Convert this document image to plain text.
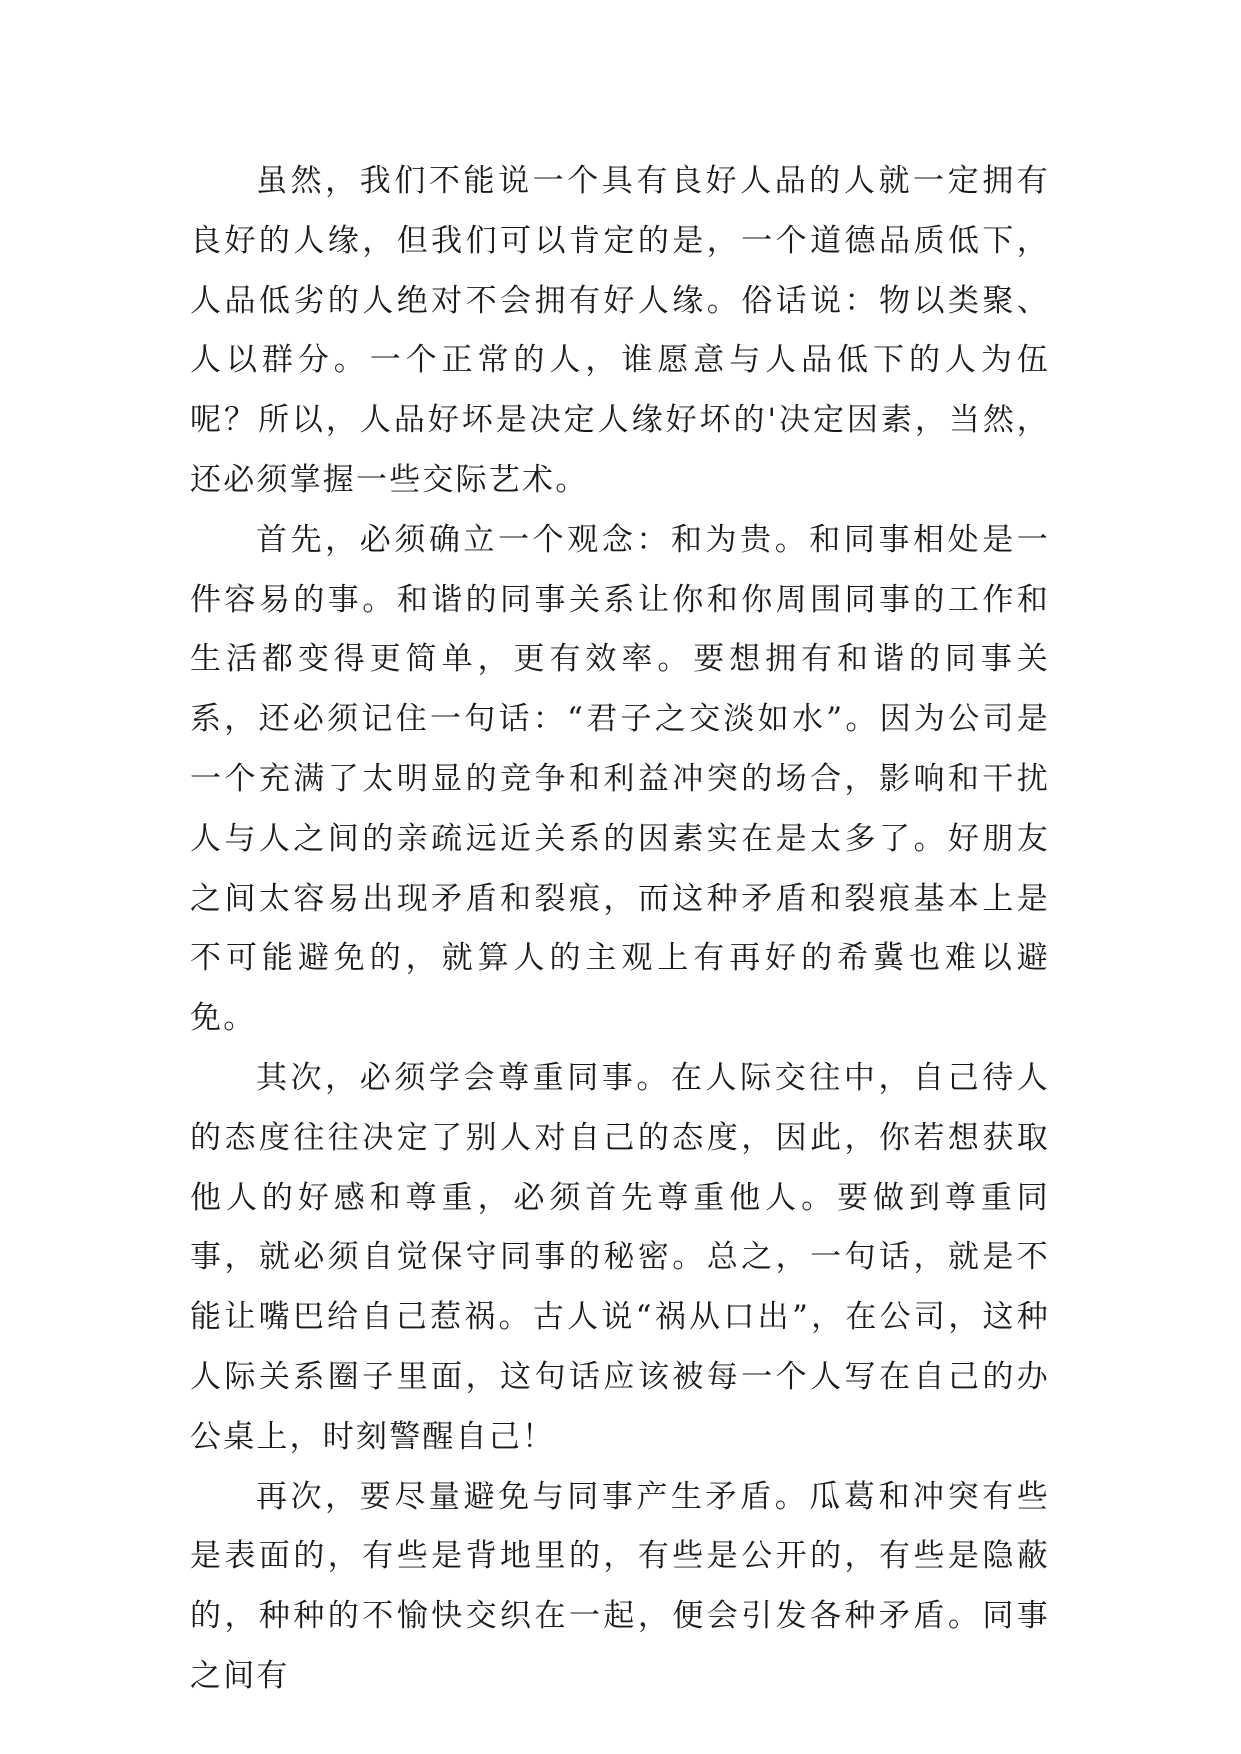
虽然，我们不能说一个具有良好人品的人就一定拥有良好的人缘，但我们可以肯定的是，一个道德品质低下，人品低劣的人绝对不会拥有好人缘。俗话说：物以类聚、人以群分。一个正常的人，谁愿意与人品低下的人为伍呢？所以，人品好坏是决定人缘好坏的'决定因素，当然，还必须掌握一些交际艺术。

首先，必须确立一个观念：和为贵。和同事相处是一件容易的事。和谐的同事关系让你和你周围同事的工作和生活都变得更简单，更有效率。要想拥有和谐的同事关系，还必须记住一句话：“君子之交淡如水”。因为公司是一个充满了太明显的竞争和利益冲突的场合，影响和干扰人与人之间的亲疏远近关系的因素实在是太多了。好朋友之间太容易出现矛盾和裂痕，而这种矛盾和裂痕基本上是不可能避免的，就算人的主观上有再好的希冀也难以避免。

其次，必须学会尊重同事。在人际交往中，自己待人的态度往往决定了别人对自己的态度，因此，你若想获取他人的好感和尊重，必须首先尊重他人。要做到尊重同事，就必须自觉保守同事的秘密。总之，一句话，就是不能让嘴巴给自己惹祸。古人说“祸从口出”，在公司，这种人际关系圈子里面，这句话应该被每一个人写在自己的办公桌上，时刻警醒自己！

再次，要尽量避免与同事产生矛盾。瓜葛和冲突有些是表面的，有些是背地里的，有些是公开的，有些是隐蔽的，种种的不愉快交织在一起，便会引发各种矛盾。同事之间有
